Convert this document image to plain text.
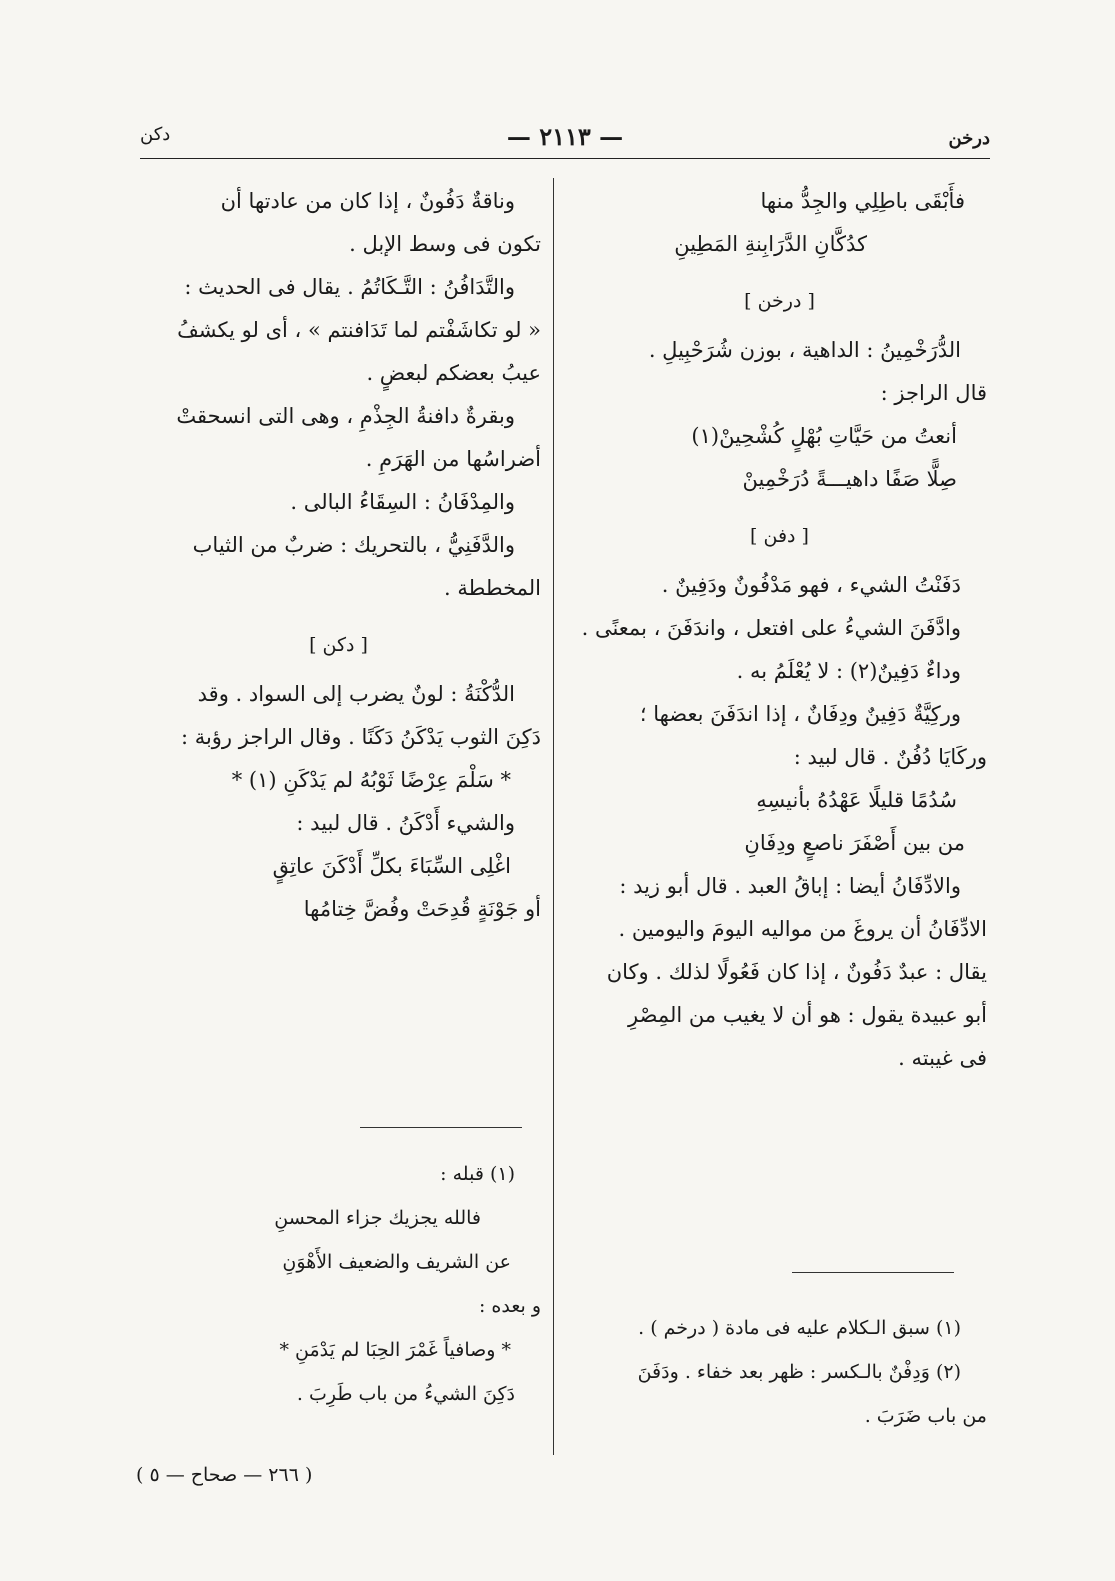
درخن
— ٢١١٣ —
دكن
فأَبْقَى باطِلِي والجِدُّ منها
كدُكَّانِ الدَّرَابِنةِ المَطِينِ
[ درخن ]
الدُّرَخْمِينُ : الداهية ، بوزن شُرَحْبِيلِ .
قال الراجز :
أنعتُ من حَيَّاتِ بُهْلٍ كُشْحِينْ(١)
صِلًّا صَفًا داهيـــةً دُرَخْمِينْ
[ دفن ]
دَفَنْتُ الشيء ، فهو مَدْفُونٌ ودَفِينٌ .
وادَّفَنَ الشيءُ على افتعل ، واندَفَنَ ، بمعنًى .
وداءٌ دَفِينٌ(٢) : لا يُعْلَمُ به .
وركِيَّةٌ دَفِينٌ ودِفَانٌ ، إذا اندَفَنَ بعضها ؛
وركَايَا دُفُنٌ . قال لبيد :
سُدُمًا قليلًا عَهْدُهُ بأنيسِهِ
من بين أَصْفَرَ ناصعٍ ودِفَانِ
والادِّفَانُ أيضا : إباقُ العبد . قال أبو زيد :
الادِّفَانُ أن يروغَ من مواليه اليومَ واليومين .
يقال : عبدٌ دَفُونٌ ، إذا كان فَعُولًا لذلك . وكان
أبو عبيدة يقول : هو أن لا يغيب من المِصْرِ
فى غيبته .
(١) سبق الـكلام عليه فى مادة ( درخم ) .
(٢) وَدِفْنٌ بالـكسر : ظهر بعد خفاء . ودَفَنَ
من باب ضَرَبَ .
وناقةٌ دَفُونٌ ، إذا كان من عادتها أن
تكون فى وسط الإبل .
والتَّدَافُنُ : التَّـكَاتُمُ . يقال فى الحديث :
« لو تكاشَفْتم لما تَدَافنتم » ، أى لو يكشفُ
عيبُ بعضكم لبعضٍ .
وبقرةٌ دافنةُ الجِذْمِ ، وهى التى انسحقتْ
أضراسُها من الهَرَمِ .
والمِدْفَانُ : السِقَاءُ البالى .
والدَّفَنِيُّ ، بالتحريك : ضربٌ من الثياب
المخططة .
[ دكن ]
الدُّكْنَةُ : لونٌ يضرب إلى السواد . وقد
دَكِنَ الثوب يَدْكَنُ دَكَنًا . وقال الراجز رؤبة :
* سَلْمَ عِرْضًا ثَوْبُهُ لم يَدْكَنِ (١) *
والشيء أَدْكَنُ . قال لبيد :
اغْلِى السِّبَاءَ بكلِّ أَدْكَنَ عاتِقٍ
أو جَوْنَةٍ قُدِحَتْ وفُضَّ خِتامُها
(١) قبله :
فالله يجزيك جزاء المحسنِ
عن الشريف والضعيف الأَهْوَنِ
و بعده :
* وصافياً غَمْرَ الحِبَا لم يَدْمَنِ *
دَكِنَ الشيءُ من باب طَرِبَ .
( ٢٦٦ — صحاح — ٥ )
